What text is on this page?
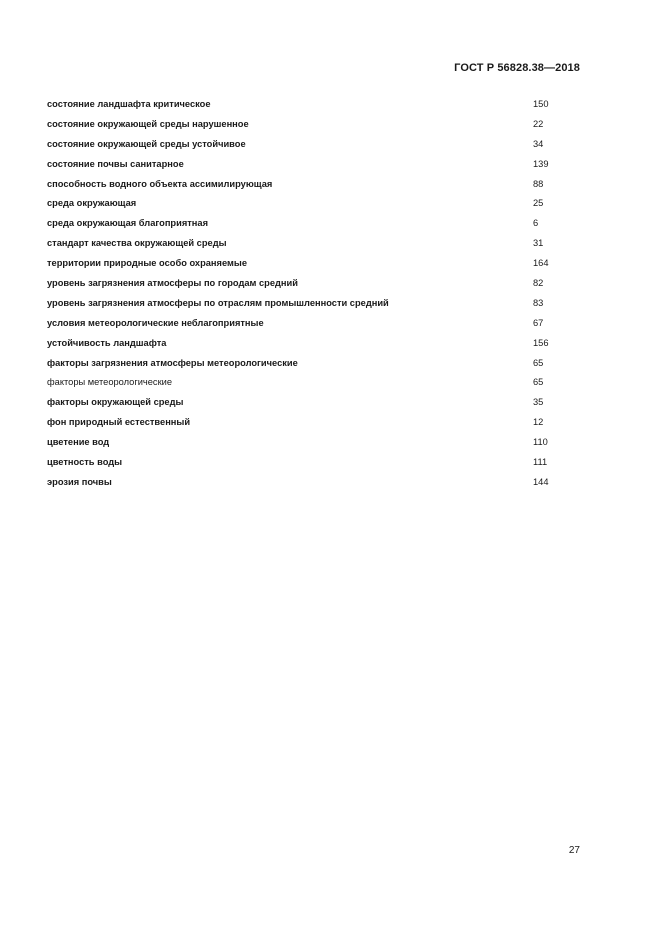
ГОСТ Р 56828.38—2018
состояние ландшафта критическое	150
состояние окружающей среды нарушенное	22
состояние окружающей среды устойчивое	34
состояние почвы санитарное	139
способность водного объекта ассимилирующая	88
среда окружающая	25
среда окружающая благоприятная	6
стандарт качества окружающей среды	31
территории природные особо охраняемые	164
уровень загрязнения атмосферы по городам средний	82
уровень загрязнения атмосферы по отраслям промышленности средний	83
условия метеорологические неблагоприятные	67
устойчивость ландшафта	156
факторы загрязнения атмосферы метеорологические	65
факторы метеорологические	65
факторы окружающей среды	35
фон природный естественный	12
цветение вод	110
цветность воды	111
эрозия почвы	144
27
